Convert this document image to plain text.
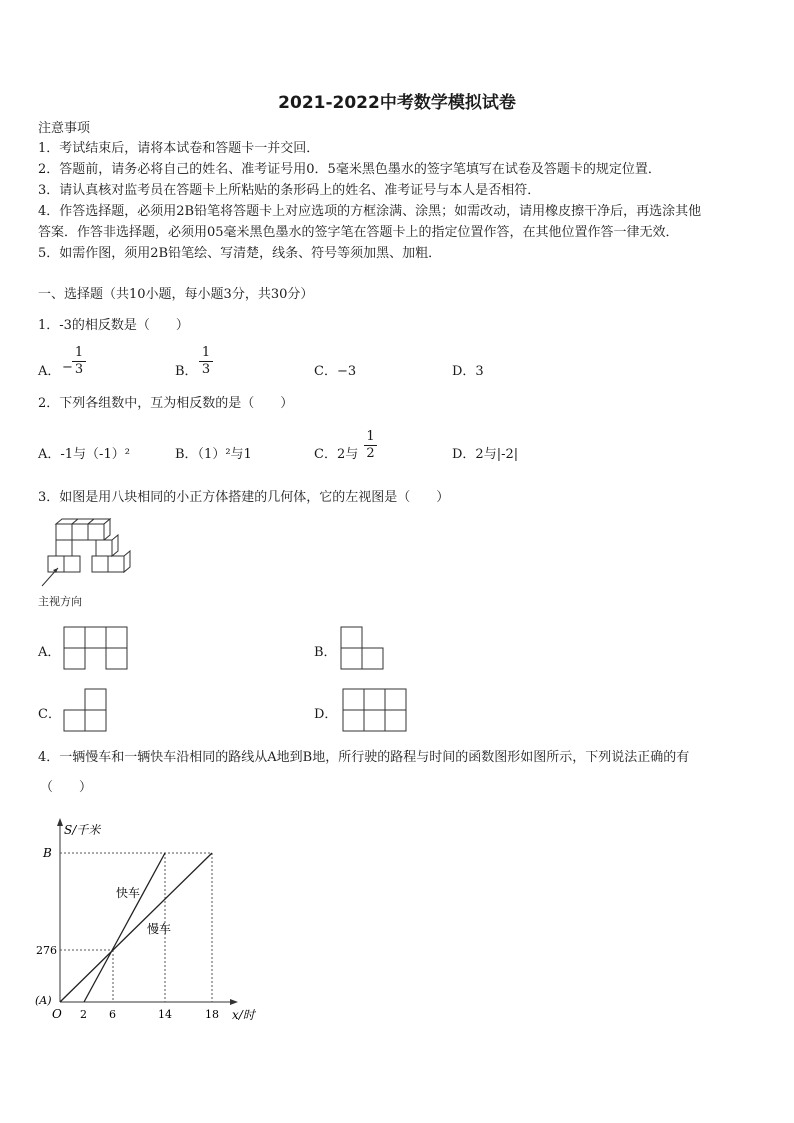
2021-2022中考数学模拟试卷
注意事项
1．考试结束后，请将本试卷和答题卡一并交回．
2．答题前，请务必将自己的姓名、准考证号用0．5毫米黑色墨水的签字笔填写在试卷及答题卡的规定位置．
3．请认真核对监考员在答题卡上所粘贴的条形码上的姓名、准考证号与本人是否相符．
4．作答选择题，必须用2B铅笔将答题卡上对应选项的方框涂满、涂黑；如需改动，请用橡皮擦干净后，再选涂其他
答案．作答非选择题，必须用05毫米黑色墨水的签字笔在答题卡上的指定位置作答，在其他位置作答一律无效．
5．如需作图，须用2B铅笔绘、写清楚，线条、符号等须加黑、加粗．
一、选择题（共10小题，每小题3分，共30分）
1．-3的相反数是（　　）
A． −
1
3	B．
1
3	C．−3	D．3
2．下列各组数中，互为相反数的是（　　）
A．-1与（-1）²	B．（1）²与1	C．2与
1
2	D．2与|-2|
3．如图是用八块相同的小正方体搭建的几何体，它的左视图是（　　）
主视方向
A．	B．
C．	D．
4．一辆慢车和一辆快车沿相同的路线从A地到B地，所行驶的路程与时间的函数图形如图所示，下列说法正确的有
（　　）
S/千米
x/时
B
276
(A)
O 2 6	14	18
快车
慢车
